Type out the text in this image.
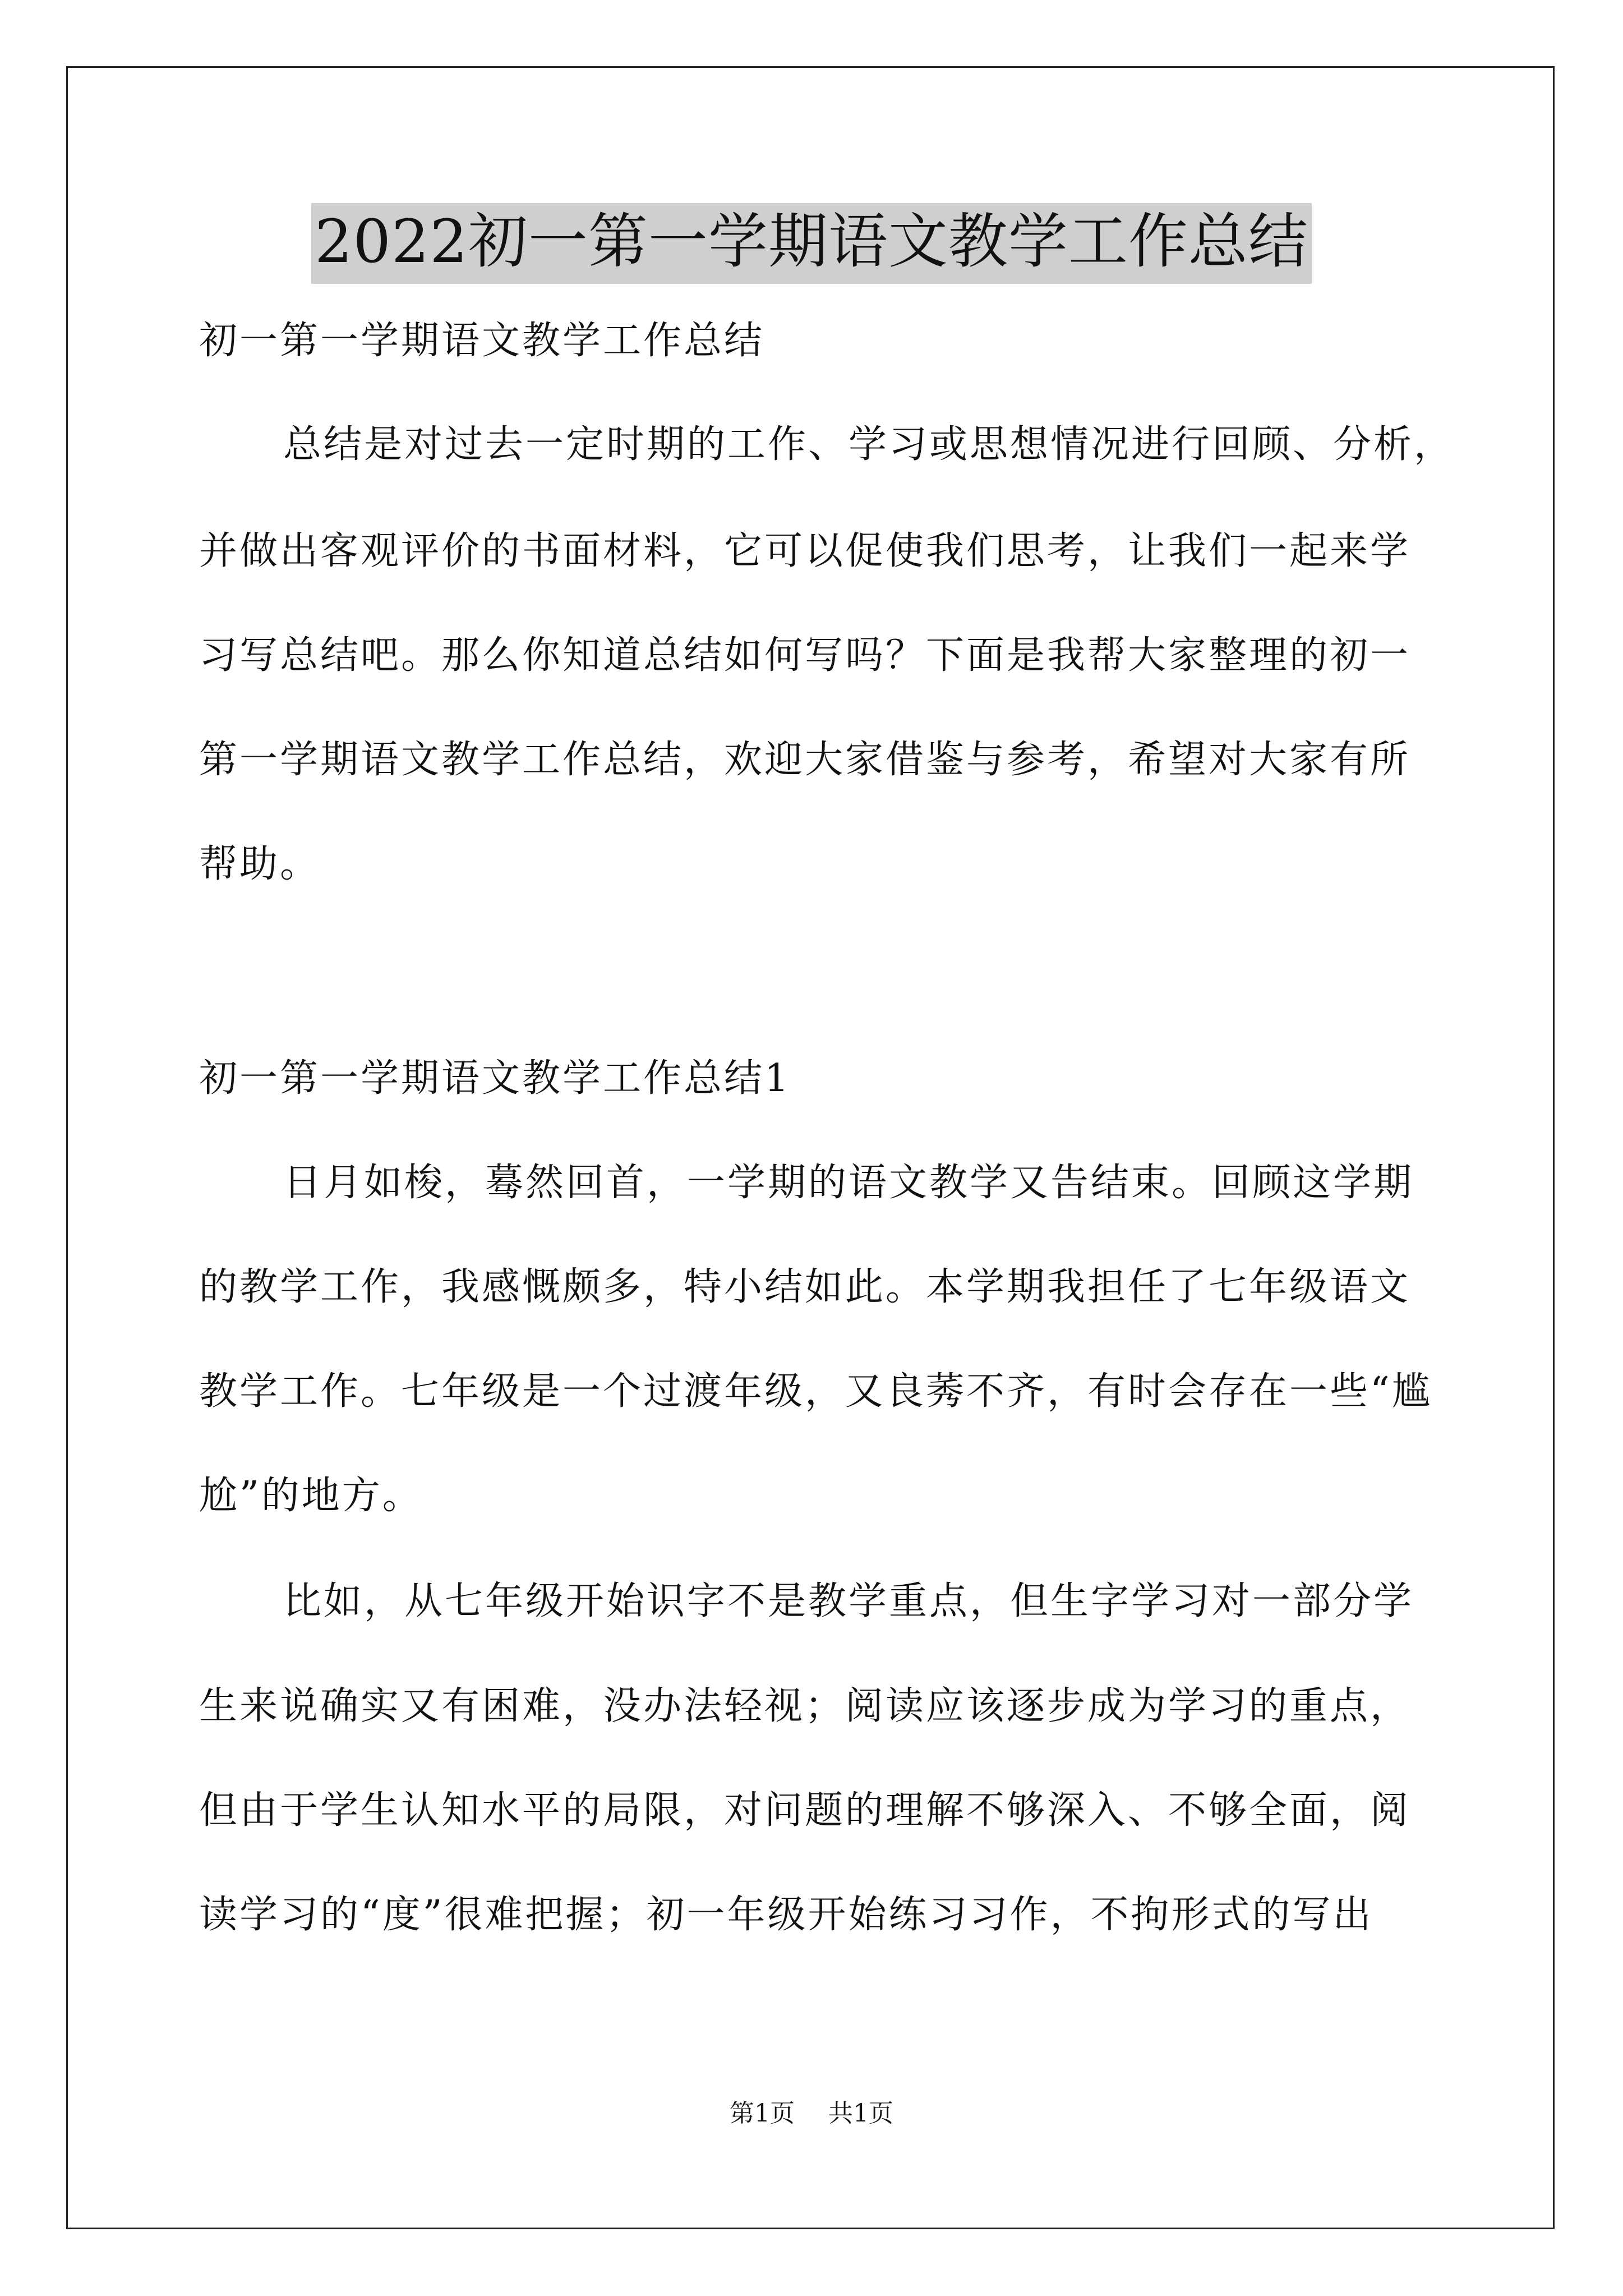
2022初一第一学期语文教学工作总结
初一第一学期语文教学工作总结
总结是对过去一定时期的工作、学习或思想情况进行回顾、分析，
并做出客观评价的书面材料，它可以促使我们思考，让我们一起来学
习写总结吧。那么你知道总结如何写吗？下面是我帮大家整理的初一
第一学期语文教学工作总结，欢迎大家借鉴与参考，希望对大家有所
帮助。
初一第一学期语文教学工作总结1
日月如梭，蓦然回首，一学期的语文教学又告结束。回顾这学期
的教学工作，我感慨颇多，特小结如此。本学期我担任了七年级语文
教学工作。七年级是一个过渡年级，又良莠不齐，有时会存在一些“尴
尬”的地方。
比如，从七年级开始识字不是教学重点，但生字学习对一部分学
生来说确实又有困难，没办法轻视；阅读应该逐步成为学习的重点，
但由于学生认知水平的局限，对问题的理解不够深入、不够全面，阅
读学习的“度”很难把握；初一年级开始练习习作，不拘形式的写出
第1页 共1页
